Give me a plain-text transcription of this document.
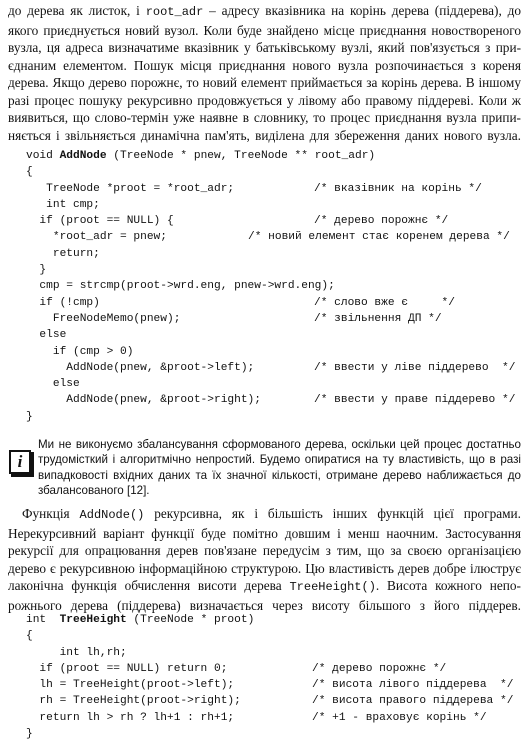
до дерева як листок, і root_adr – адресу вказівника на корінь дерева (піддерева), до
якого приєднується новий вузол. Коли буде знайдено місце приєднання новоствореного
вузла, ця адреса визначатиме вказівник у батьківському вузлі, який пов'язується з при-
єднаним елементом. Пошук місця приєднання нового вузла розпочинається з кореня
дерева. Якщо дерево порожнє, то новий елемент приймається за корінь дерева. В іншому
разі процес пошуку рекурсивно продовжується у лівому або правому піддереві. Коли ж
виявиться, що слово-термін уже наявне в словнику, то процес приєднання вузла припи-
няється і звільняється динамічна пам'ять, виділена для збереження даних нового вузла.
void AddNode (TreeNode * pnew, TreeNode ** root_adr)
{
TreeNode *proot = *root_adr;	/* вказівник на корінь */
int cmp;
if (proot == NULL) {	/* дерево порожнє */
*root_adr = pnew;	/* новий елемент стає коренем дерева */
return;
}
cmp = strcmp(proot->wrd.eng, pnew->wrd.eng);
if (!cmp)	/* слово вже є     */
FreeNodeMemo(pnew);	/* звільнення ДП */
else
if (cmp > 0)
AddNode(pnew, &proot->left);	/* ввести у ліве піддерево  */
else
AddNode(pnew, &proot->right);	/* ввести у праве піддерево */
}
i
Ми не виконуємо збалансування сформованого дерева, оскільки цей процес достатньо
трудомісткий і алгоритмічно непростий. Будемо опиратися на ту властивість, що в разі
випадковості вхідних даних та їх значної кількості, отримане дерево наближається до
збалансованого [12].
Функція AddNode() рекурсивна, як і більшість інших функцій цієї програми.
Нерекурсивний варіант функції буде помітно довшим і менш наочним. Застосування
рекурсії для опрацювання дерев пов'язане передусім з тим, що за своєю організацією
дерево є рекурсивною інформаційною структурою. Цю властивість дерев добре ілюструє
лаконічна функція обчислення висоти дерева TreeHeight(). Висота кожного непо-
рожнього дерева (піддерева) визначається через висоту більшого з його піддерев.
int  TreeHeight (TreeNode * proot)
{
int lh,rh;
if (proot == NULL) return 0;	/* дерево порожнє */
lh = TreeHeight(proot->left);	/* висота лівого піддерева  */
rh = TreeHeight(proot->right);	/* висота правого піддерева */
return lh > rh ? lh+1 : rh+1;	/* +1 - враховує корінь */
}
